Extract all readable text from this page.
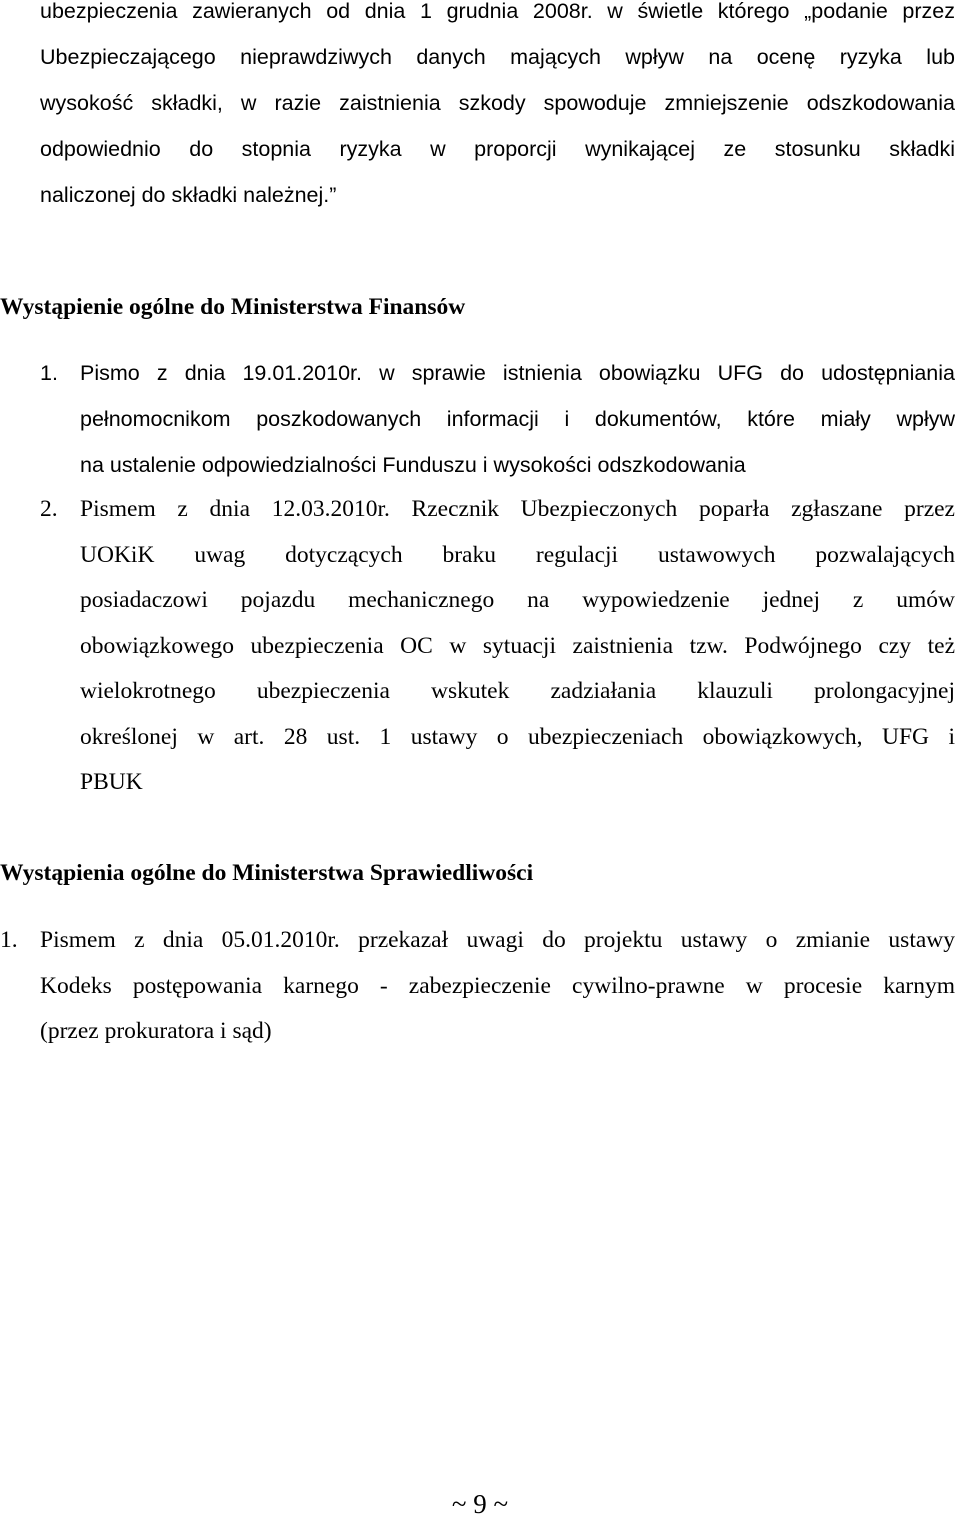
ubezpieczenia zawieranych od dnia 1 grudnia 2008r. w świetle którego „podanie przez
Ubezpieczającego nieprawdziwych danych mających wpływ na ocenę ryzyka lub
wysokość składki, w razie zaistnienia szkody spowoduje zmniejszenie odszkodowania
odpowiednio do stopnia ryzyka w proporcji wynikającej ze stosunku składki
naliczonej do składki należnej.”
Wystąpienie ogólne do Ministerstwa Finansów
1. Pismo z dnia 19.01.2010r. w sprawie istnienia obowiązku UFG do udostępniania
pełnomocnikom poszkodowanych informacji i dokumentów, które miały wpływ
na ustalenie odpowiedzialności Funduszu i wysokości odszkodowania
2. Pismem z dnia 12.03.2010r. Rzecznik Ubezpieczonych poparła zgłaszane przez
UOKiK uwag dotyczących braku regulacji ustawowych pozwalających
posiadaczowi pojazdu mechanicznego na wypowiedzenie jednej z umów
obowiązkowego ubezpieczenia OC w sytuacji zaistnienia tzw. Podwójnego czy też
wielokrotnego ubezpieczenia wskutek zadziałania klauzuli prolongacyjnej
określonej w art. 28 ust. 1 ustawy o ubezpieczeniach obowiązkowych, UFG i
PBUK
Wystąpienia ogólne do Ministerstwa Sprawiedliwości
1. Pismem z dnia 05.01.2010r. przekazał uwagi do projektu ustawy o zmianie ustawy
Kodeks postępowania karnego - zabezpieczenie cywilno-prawne w procesie karnym
(przez prokuratora i sąd)
~ 9 ~
